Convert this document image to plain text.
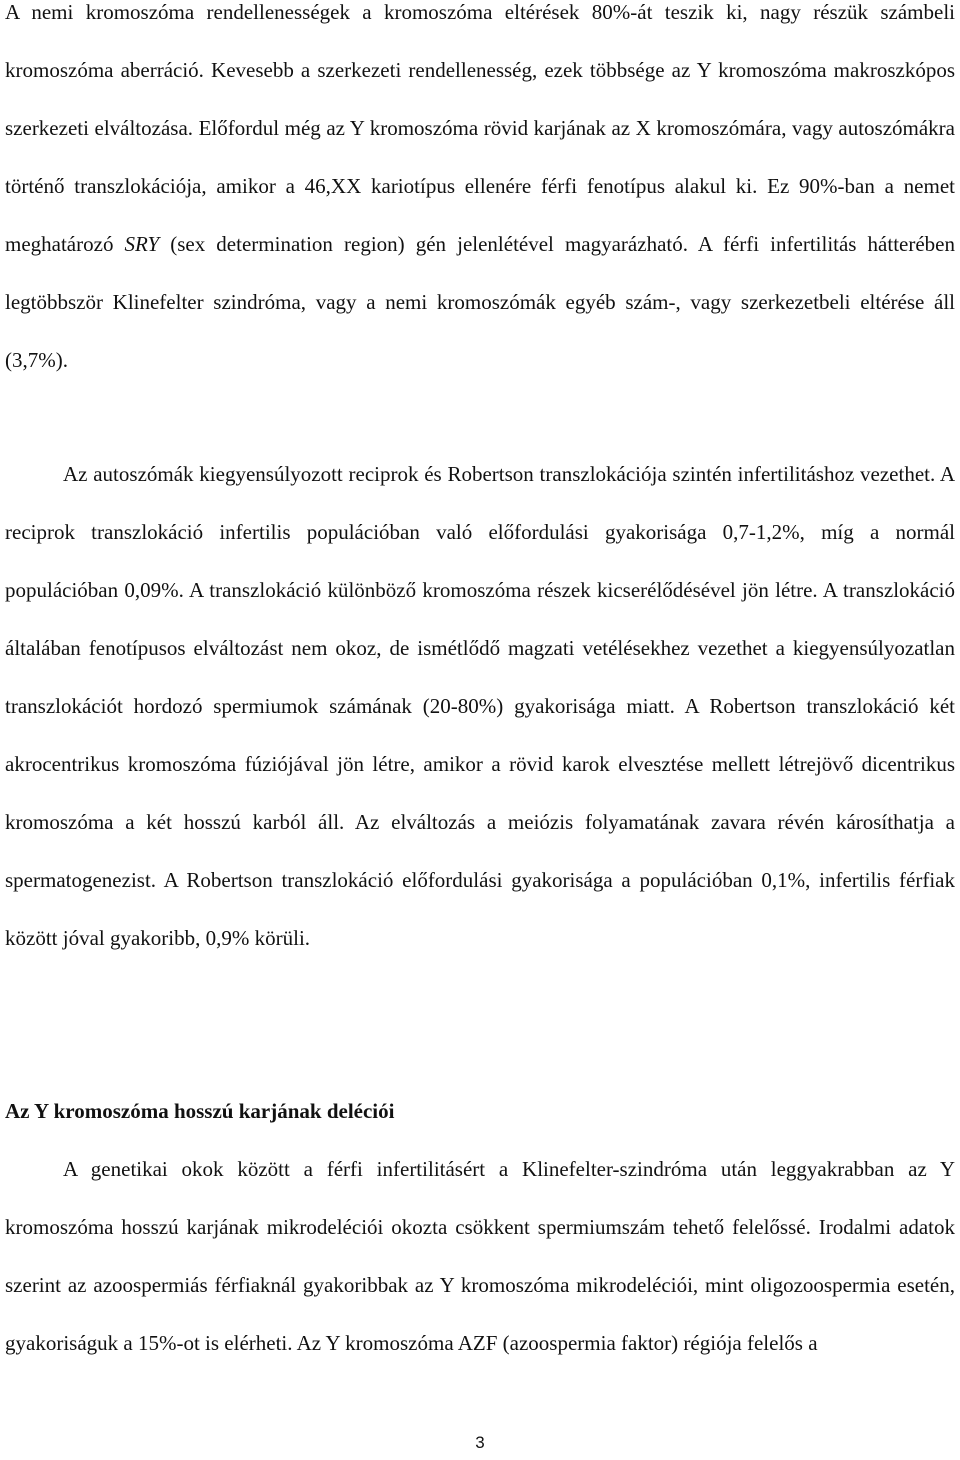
A nemi kromoszóma rendellenességek a kromoszóma eltérések 80%-át teszik ki, nagy részük számbeli kromoszóma aberráció. Kevesebb a szerkezeti rendellenesség, ezek többsége az Y kromoszóma makroszkópos szerkezeti elváltozása. Előfordul még az Y kromoszóma rövid karjának az X kromoszómára, vagy autoszómákra történő transzlokációja, amikor a 46,XX kariotípus ellenére férfi fenotípus alakul ki. Ez 90%-ban a nemet meghatározó SRY (sex determination region) gén jelenlétével magyarázható. A férfi infertilitás hátterében legtöbbször Klinefelter szindróma, vagy a nemi kromoszómák egyéb szám-, vagy szerkezetbeli eltérése áll (3,7%).

Az autoszómák kiegyensúlyozott reciprok és Robertson transzlokációja szintén infertilitáshoz vezethet. A reciprok transzlokáció infertilis populációban való előfordulási gyakorisága 0,7-1,2%, míg a normál populációban 0,09%. A transzlokáció különböző kromoszóma részek kicserélődésével jön létre. A transzlokáció általában fenotípusos elváltozást nem okoz, de ismétlődő magzati vetélésekhez vezethet a kiegyensúlyozatlan transzlokációt hordozó spermiumok számának (20-80%) gyakorisága miatt. A Robertson transzlokáció két akrocentrikus kromoszóma fúziójával jön létre, amikor a rövid karok elvesztése mellett létrejövő dicentrikus kromoszóma a két hosszú karból áll. Az elváltozás a meiózis folyamatának zavara révén károsíthatja a spermatogenezist. A Robertson transzlokáció előfordulási gyakorisága a populációban 0,1%, infertilis férfiak között jóval gyakoribb, 0,9% körüli.

Az Y kromoszóma hosszú karjának deléciói

A genetikai okok között a férfi infertilitásért a Klinefelter-szindróma után leggyakrabban az Y kromoszóma hosszú karjának mikrodeléciói okozta csökkent spermiumszám tehető felelőssé. Irodalmi adatok szerint az azoospermiás férfiaknál gyakoribbak az Y kromoszóma mikrodeléciói, mint oligozoospermia esetén, gyakoriságuk a 15%-ot is elérheti. Az Y kromoszóma AZF (azoospermia faktor) régiója felelős a

3
